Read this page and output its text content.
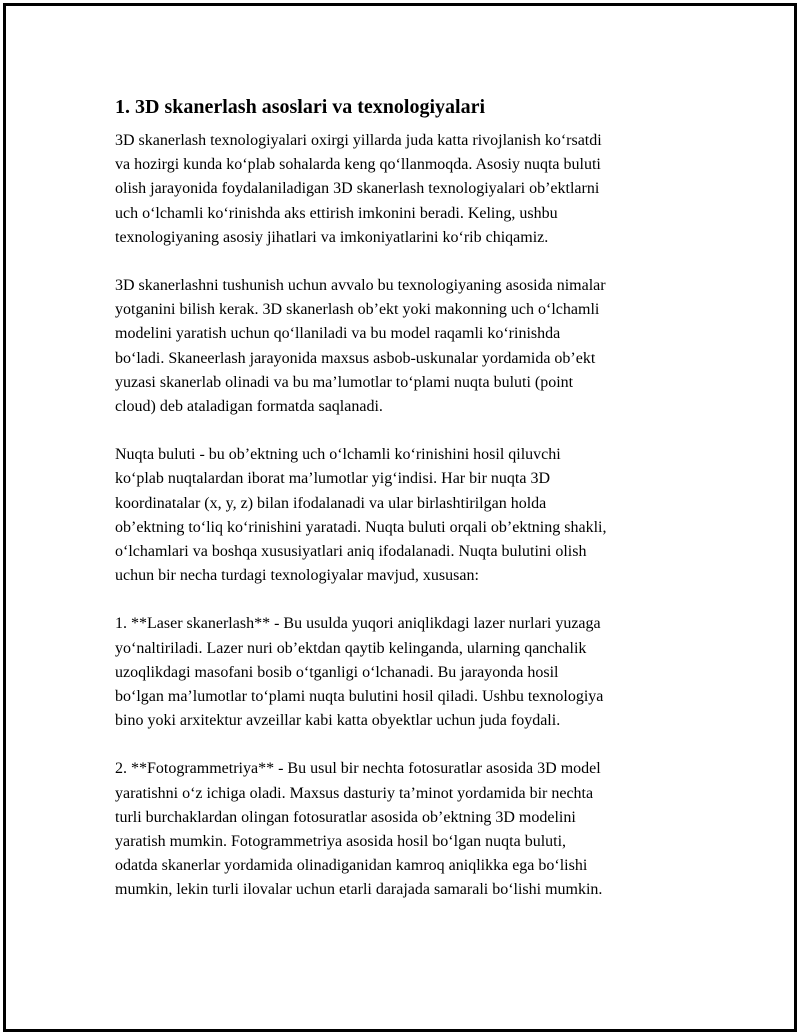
1. 3D skanerlash asoslari va texnologiyalari
3D skanerlash texnologiyalari oxirgi yillarda juda katta rivojlanish koʻrsatdi
va hozirgi kunda koʻplab sohalarda keng qoʻllanmoqda. Asosiy nuqta buluti
olish jarayonida foydalaniladigan 3D skanerlash texnologiyalari obʼektlarni
uch oʻlchamli koʻrinishda aks ettirish imkonini beradi. Keling, ushbu
texnologiyaning asosiy jihatlari va imkoniyatlarini koʻrib chiqamiz.
3D skanerlashni tushunish uchun avvalo bu texnologiyaning asosida nimalar
yotganini bilish kerak. 3D skanerlash obʼekt yoki makonning uch oʻlchamli
modelini yaratish uchun qoʻllaniladi va bu model raqamli koʻrinishda
boʻladi. Skaneerlash jarayonida maxsus asbob-uskunalar yordamida obʼekt
yuzasi skanerlab olinadi va bu maʼlumotlar toʻplami nuqta buluti (point
cloud) deb ataladigan formatda saqlanadi.
Nuqta buluti - bu obʼektning uch oʻlchamli koʻrinishini hosil qiluvchi
koʻplab nuqtalardan iborat maʼlumotlar yigʻindisi. Har bir nuqta 3D
koordinatalar (x, y, z) bilan ifodalanadi va ular birlashtirilgan holda
obʼektning toʻliq koʻrinishini yaratadi. Nuqta buluti orqali obʼektning shakli,
oʻlchamlari va boshqa xususiyatlari aniq ifodalanadi. Nuqta bulutini olish
uchun bir necha turdagi texnologiyalar mavjud, xususan:
1. **Laser skanerlash** - Bu usulda yuqori aniqlikdagi lazer nurlari yuzaga
yoʻnaltiriladi. Lazer nuri obʼektdan qaytib kelinganda, ularning qanchalik
uzoqlikdagi masofani bosib oʻtganligi oʻlchanadi. Bu jarayonda hosil
boʻlgan maʼlumotlar toʻplami nuqta bulutini hosil qiladi. Ushbu texnologiya
bino yoki arxitektur avzeillar kabi katta obyektlar uchun juda foydali.
2. **Fotogrammetriya** - Bu usul bir nechta fotosuratlar asosida 3D model
yaratishni oʻz ichiga oladi. Maxsus dasturiy taʼminot yordamida bir nechta
turli burchaklardan olingan fotosuratlar asosida obʼektning 3D modelini
yaratish mumkin. Fotogrammetriya asosida hosil boʻlgan nuqta buluti,
odatda skanerlar yordamida olinadiganidan kamroq aniqlikka ega boʻlishi
mumkin, lekin turli ilovalar uchun etarli darajada samarali boʻlishi mumkin.
